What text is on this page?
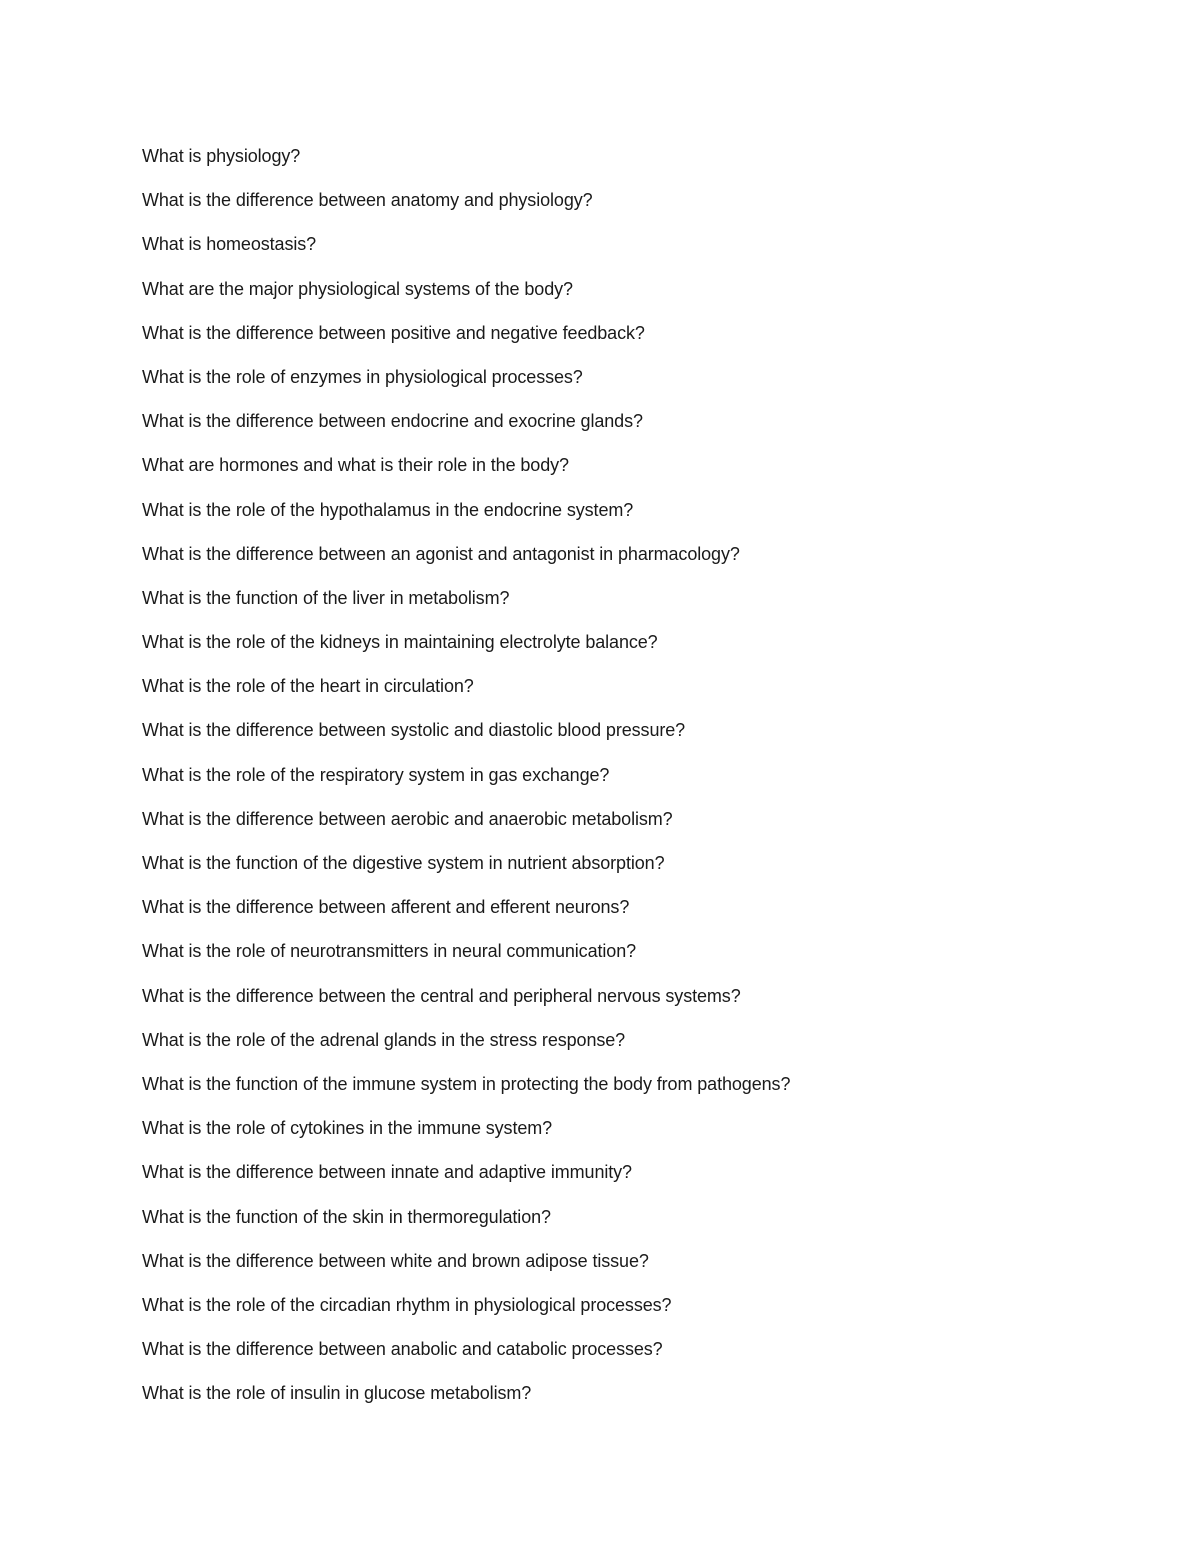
What is physiology?
What is the difference between anatomy and physiology?
What is homeostasis?
What are the major physiological systems of the body?
What is the difference between positive and negative feedback?
What is the role of enzymes in physiological processes?
What is the difference between endocrine and exocrine glands?
What are hormones and what is their role in the body?
What is the role of the hypothalamus in the endocrine system?
What is the difference between an agonist and antagonist in pharmacology?
What is the function of the liver in metabolism?
What is the role of the kidneys in maintaining electrolyte balance?
What is the role of the heart in circulation?
What is the difference between systolic and diastolic blood pressure?
What is the role of the respiratory system in gas exchange?
What is the difference between aerobic and anaerobic metabolism?
What is the function of the digestive system in nutrient absorption?
What is the difference between afferent and efferent neurons?
What is the role of neurotransmitters in neural communication?
What is the difference between the central and peripheral nervous systems?
What is the role of the adrenal glands in the stress response?
What is the function of the immune system in protecting the body from pathogens?
What is the role of cytokines in the immune system?
What is the difference between innate and adaptive immunity?
What is the function of the skin in thermoregulation?
What is the difference between white and brown adipose tissue?
What is the role of the circadian rhythm in physiological processes?
What is the difference between anabolic and catabolic processes?
What is the role of insulin in glucose metabolism?
